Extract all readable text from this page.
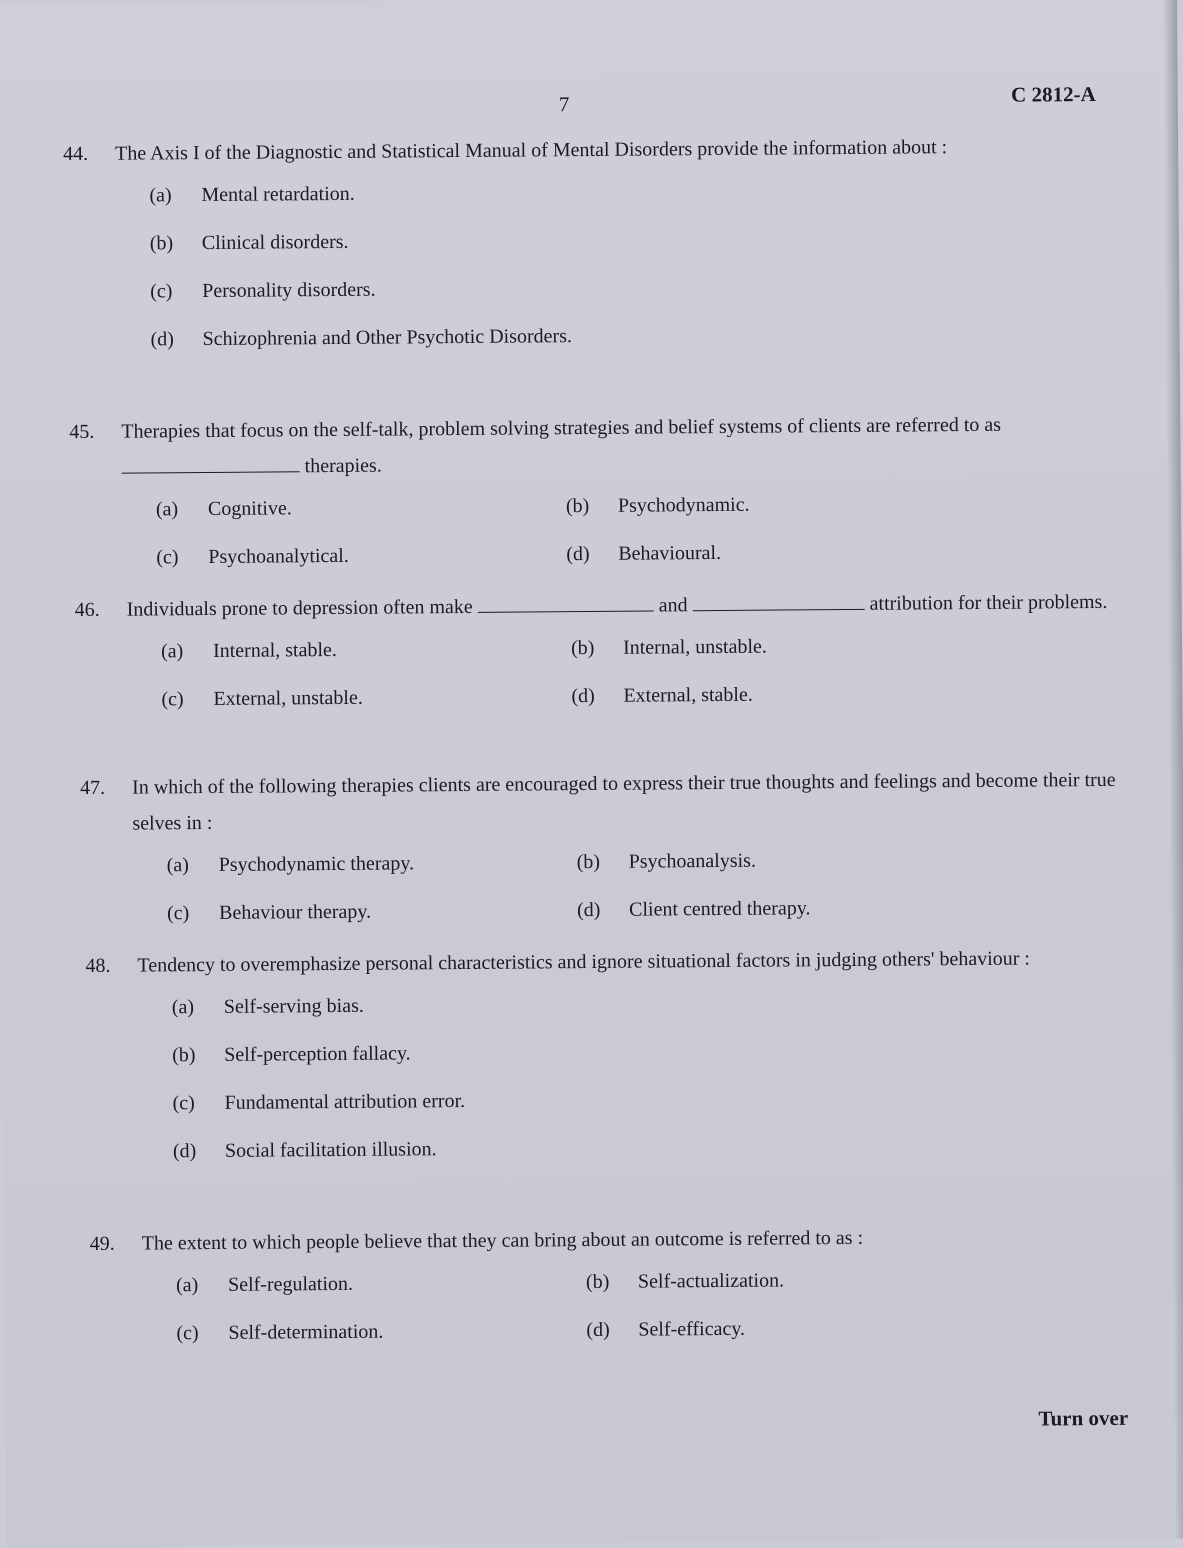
7	C 2812-A
44.	The Axis I of the Diagnostic and Statistical Manual of Mental Disorders provide the information about :
(a) Mental retardation.
(b) Clinical disorders.
(c) Personality disorders.
(d) Schizophrenia and Other Psychotic Disorders.
45.	Therapies that focus on the self-talk, problem solving strategies and belief systems of clients are referred to as  therapies.
(a) Cognitive.	(b) Psychodynamic.
(c) Psychoanalytical.	(d) Behavioural.
46.	Individuals prone to depression often make	and	attribution for their problems.
(a) Internal, stable.	(b) Internal, unstable.
(c) External, unstable.	(d) External, stable.
47.	In which of the following therapies clients are encouraged to express their true thoughts and feelings and become their true selves in :
(a) Psychodynamic therapy.	(b) Psychoanalysis.
(c) Behaviour therapy.	(d) Client centred therapy.
48.	Tendency to overemphasize personal characteristics and ignore situational factors in judging others' behaviour :
(a) Self-serving bias.
(b) Self-perception fallacy.
(c) Fundamental attribution error.
(d) Social facilitation illusion.
49.	The extent to which people believe that they can bring about an outcome is referred to as :
(a) Self-regulation.	(b) Self-actualization.
(c) Self-determination.	(d) Self-efficacy.
Turn over
